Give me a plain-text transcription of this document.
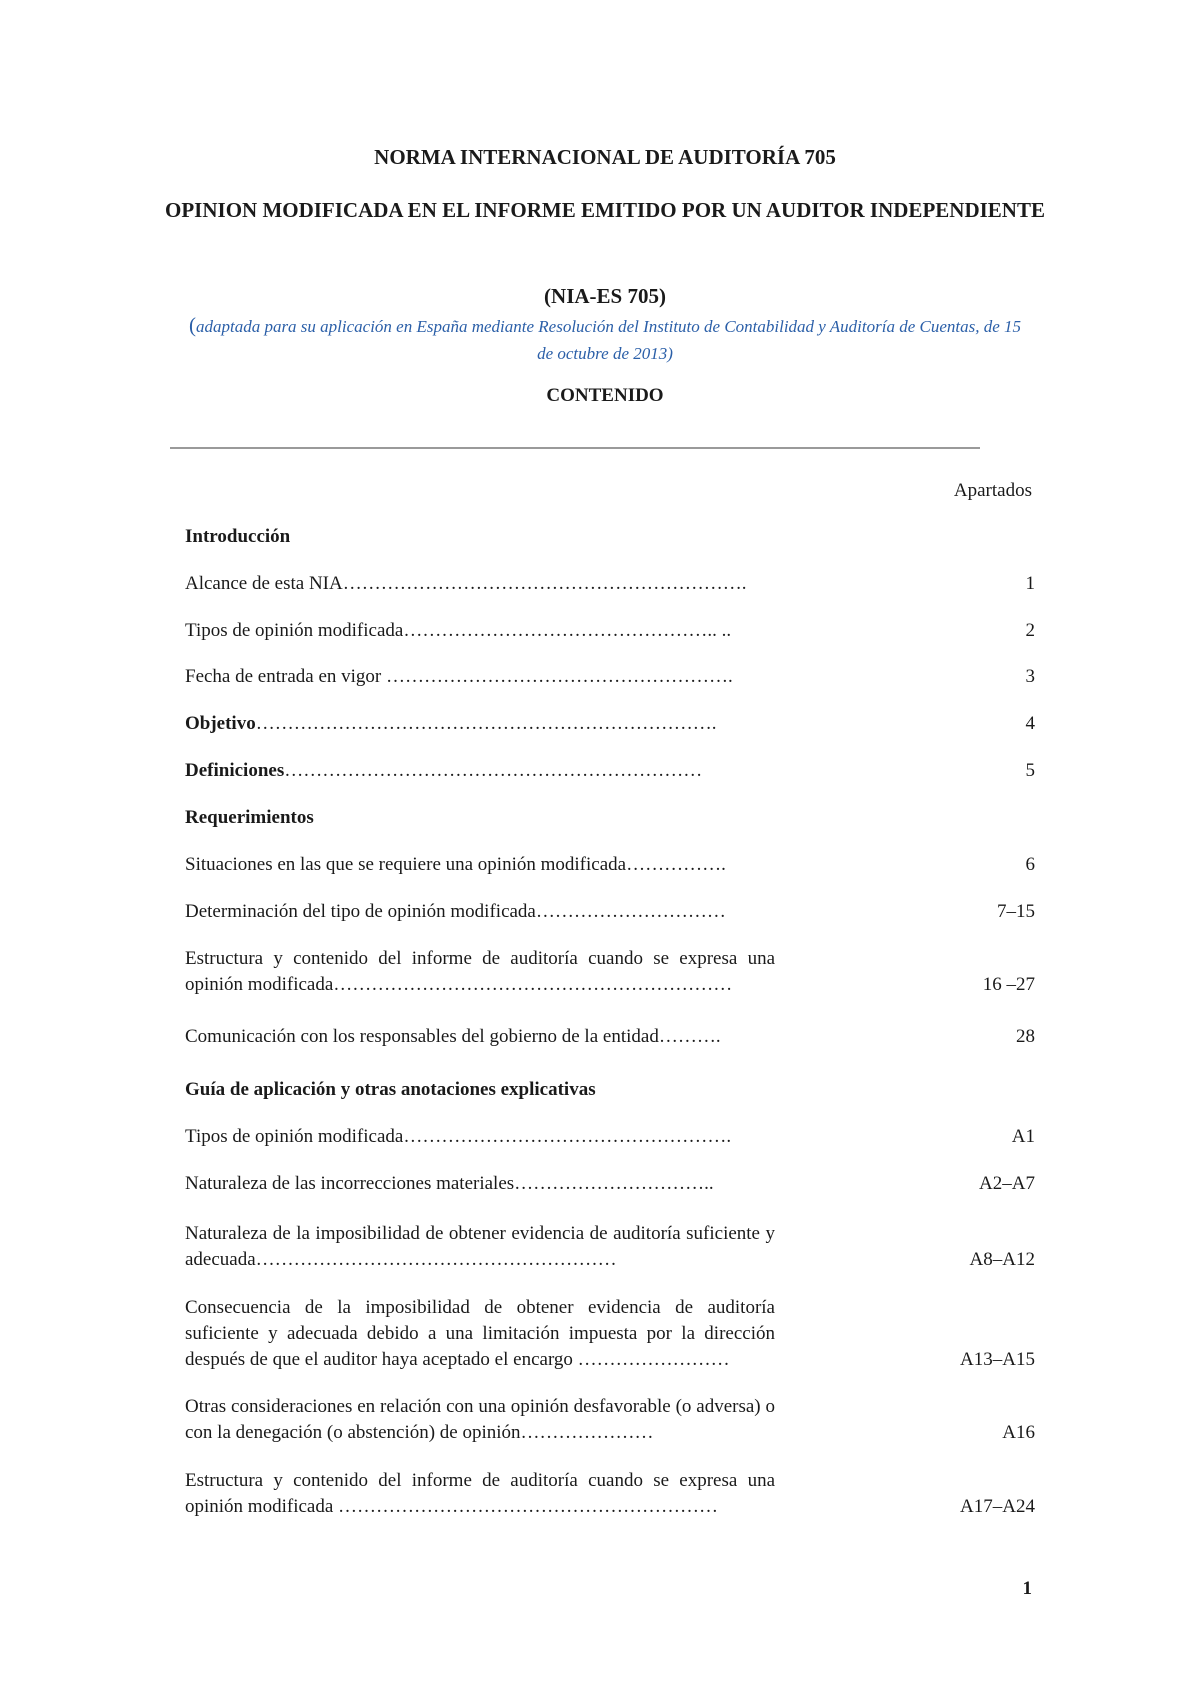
NORMA INTERNACIONAL DE AUDITORÍA 705
OPINION MODIFICADA EN EL INFORME EMITIDO POR UN AUDITOR INDEPENDIENTE
(NIA-ES 705)
(adaptada para su aplicación en España mediante Resolución del Instituto de Contabilidad y Auditoría de Cuentas, de 15 de octubre de 2013)
CONTENIDO
Apartados
Introducción
Alcance de esta NIA……………………………………………………….	1
Tipos de opinión modificada………………………………………….. ..	2
Fecha de entrada en vigor ……………………………………………….	3
Objetivo……………………………………………………………….	4
Definiciones…………………………………………………………	5
Requerimientos
Situaciones en las que se requiere una opinión modificada…………….	6
Determinación del tipo de opinión modificada…………………………	7–15
Estructura y contenido del informe de auditoría cuando se expresa una opinión modificada………………………………………………………	16 –27
Comunicación con los responsables del gobierno de la entidad……….	28
Guía de aplicación y otras anotaciones explicativas
Tipos de opinión modificada…………………………………………….	A1
Naturaleza de las incorrecciones materiales…………………………..	A2–A7
Naturaleza de la imposibilidad de obtener evidencia de auditoría suficiente y adecuada…………………………………………………	A8–A12
Consecuencia de la imposibilidad de obtener evidencia de auditoría suficiente y adecuada debido a una limitación impuesta por la dirección después de que el auditor haya aceptado el encargo ……………………	A13–A15
Otras consideraciones en relación con una opinión desfavorable (o adversa) o con la denegación (o abstención) de opinión…………………	A16
Estructura y contenido del informe de auditoría cuando se expresa una opinión modificada ……………………………………………………	A17–A24
1
